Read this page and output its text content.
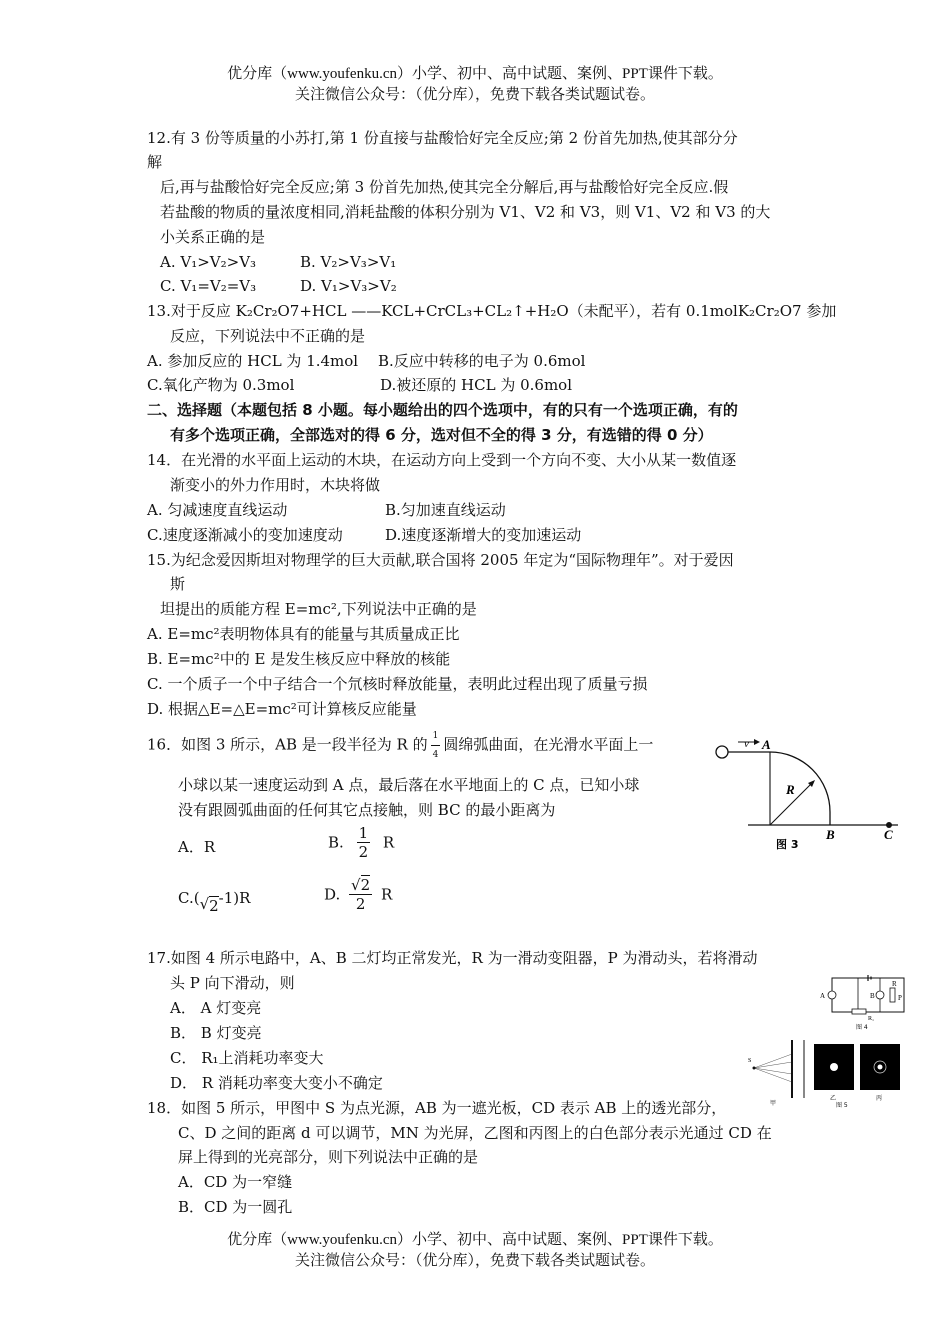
优分库（www.youfenku.cn）小学、初中、高中试题、案例、PPT课件下载。
关注微信公众号：（优分库），免费下载各类试题试卷。
12.有 3 份等质量的小苏打,第 1 份直接与盐酸恰好完全反应;第 2 份首先加热,使其部分分
解
后,再与盐酸恰好完全反应;第 3 份首先加热,使其完全分解后,再与盐酸恰好完全反应.假
若盐酸的物质的量浓度相同,消耗盐酸的体积分别为 V1、V2 和 V3，则 V1、V2 和 V3 的大
小关系正确的是
A. V₁>V₂>V₃	B. V₂>V₃>V₁
C. V₁=V₂=V₃	D. V₁>V₃>V₂
13.对于反应 K₂Cr₂O7+HCL ——KCL+CrCL₃+CL₂↑+H₂O（未配平），若有 0.1molK₂Cr₂O7 参加
反应，下列说法中不正确的是
A. 参加反应的 HCL 为 1.4mol B.反应中转移的电子为 0.6mol
C.氧化产物为 0.3mol	D.被还原的 HCL 为 0.6mol
二、选择题（本题包括 8 小题。每小题给出的四个选项中，有的只有一个选项正确，有的
有多个选项正确，全部选对的得 6 分，选对但不全的得 3 分，有选错的得 0 分）
14．在光滑的水平面上运动的木块，在运动方向上受到一个方向不变、大小从某一数值逐
渐变小的外力作用时，木块将做
A. 匀减速度直线运动	B.匀加速直线运动
C.速度逐渐减小的变加速度动	D.速度逐渐增大的变加速运动
15.为纪念爱因斯坦对物理学的巨大贡献,联合国将 2005 年定为“国际物理年”。对于爱因
斯
坦提出的质能方程 E=mc²,下列说法中正确的是
A. E=mc²表明物体具有的能量与其质量成正比
B. E=mc²中的 E 是发生核反应中释放的核能
C. 一个质子一个中子结合一个氘核时释放能量，表明此过程出现了质量亏损
D. 根据△E=△E=mc²可计算核反应能量
16．如图 3 所示，AB 是一段半径为 R 的 $\frac{1}{4}$ 圆绵弧曲面，在光滑水平面上一
小球以某一速度运动到 A 点，最后落在水平地面上的 C 点，已知小球
没有跟圆弧曲面的任何其它点接触，则 BC 的最小距离为
A．R	B. $\frac{1}{2}$ R
C.(√2-1)R	D. $\frac{√2}{2}$ R
v A
R
B	C
图 3
17.如图 4 所示电路中，A、B 二灯均正常发光，R 为一滑动变阻器，P 为滑动头，若将滑动
头 P 向下滑动，则
A． A 灯变亮
B． B 灯变亮
C． R₁上消耗功率变大
D． R 消耗功率变大变小不确定
A	B
R
P
R₁
图 4
S
甲
乙	丙
图 5
18．如图 5 所示，甲图中 S 为点光源，AB 为一遮光板，CD 表示 AB 上的透光部分，
C、D 之间的距离 d 可以调节，MN 为光屏，乙图和丙图上的白色部分表示光通过 CD 在
屏上得到的光亮部分，则下列说法中正确的是
A．CD 为一窄缝
B．CD 为一圆孔
优分库（www.youfenku.cn）小学、初中、高中试题、案例、PPT课件下载。
关注微信公众号：（优分库），免费下载各类试题试卷。
